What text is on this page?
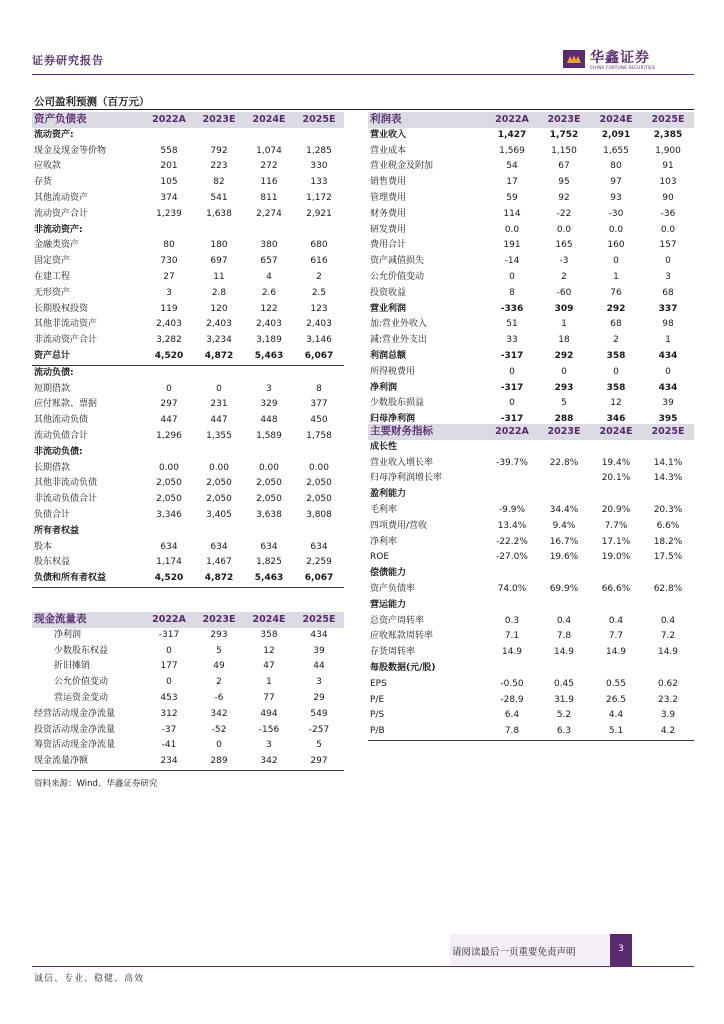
证券研究报告	华鑫证券
CHINA FORTUNE SECURITIES
公司盈利预测（百万元）
资产负债表	2022A	2023E	2024E	2025E
流动资产:				
现金及现金等价物	558	792	1,074	1,285
应收款	201	223	272	330
存货	105	82	116	133
其他流动资产	374	541	811	1,172
流动资产合计	1,239	1,638	2,274	2,921
非流动资产:				
金融类资产	80	180	380	680
固定资产	730	697	657	616
在建工程	27	11	4	2
无形资产	3	2.8	2.6	2.5
长期股权投资	119	120	122	123
其他非流动资产	2,403	2,403	2,403	2,403
非流动资产合计	3,282	3,234	3,189	3,146
资产总计	4,520	4,872	5,463	6,067
流动负债:				
短期借款	0	0	3	8
应付账款、票据	297	231	329	377
其他流动负债	447	447	448	450
流动负债合计	1,296	1,355	1,589	1,758
非流动负债:				
长期借款	0.00	0.00	0.00	0.00
其他非流动负债	2,050	2,050	2,050	2,050
非流动负债合计	2,050	2,050	2,050	2,050
负债合计	3,346	3,405	3,638	3,808
所有者权益				
股本	634	634	634	634
股东权益	1,174	1,467	1,825	2,259
负债和所有者权益	4,520	4,872	5,463	6,067
现金流量表	2022A	2023E	2024E	2025E
净利润	-317	293	358	434
少数股东权益	0	5	12	39
折旧摊销	177	49	47	44
公允价值变动	0	2	1	3
营运资金变动	453	-6	77	29
经营活动现金净流量	312	342	494	549
投资活动现金净流量	-37	-52	-156	-257
筹资活动现金净流量	-41	0	3	5
现金流量净额	234	289	342	297
利润表	2022A	2023E	2024E	2025E
营业收入	1,427	1,752	2,091	2,385
营业成本	1,569	1,150	1,655	1,900
营业税金及附加	54	67	80	91
销售费用	17	95	97	103
管理费用	59	92	93	90
财务费用	114	-22	-30	-36
研发费用	0.0	0.0	0.0	0.0
费用合计	191	165	160	157
资产减值损失	-14	-3	0	0
公允价值变动	0	2	1	3
投资收益	8	-60	76	68
营业利润	-336	309	292	337
加:营业外收入	51	1	68	98
减:营业外支出	33	18	2	1
利润总额	-317	292	358	434
所得税费用	0	0	0	0
净利润	-317	293	358	434
少数股东损益	0	5	12	39
归母净利润	-317	288	346	395
主要财务指标	2022A	2023E	2024E	2025E
成长性				
营业收入增长率	-39.7%	22.8%	19.4%	14.1%
归母净利润增长率			20.1%	14.3%
盈利能力				
毛利率	-9.9%	34.4%	20.9%	20.3%
四项费用/营收	13.4%	9.4%	7.7%	6.6%
净利率	-22.2%	16.7%	17.1%	18.2%
ROE	-27.0%	19.6%	19.0%	17.5%
偿债能力				
资产负债率	74.0%	69.9%	66.6%	62.8%
营运能力				
总资产周转率	0.3	0.4	0.4	0.4
应收账款周转率	7.1	7.8	7.7	7.2
存货周转率	14.9	14.9	14.9	14.9
每股数据(元/股)				
EPS	-0.50	0.45	0.55	0.62
P/E	-28.9	31.9	26.5	23.2
P/S	6.4	5.2	4.4	3.9
P/B	7.8	6.3	5.1	4.2
资料来源：Wind、华鑫证券研究
请阅读最后一页重要免责声明	3
诚信、专业、稳健、高效
